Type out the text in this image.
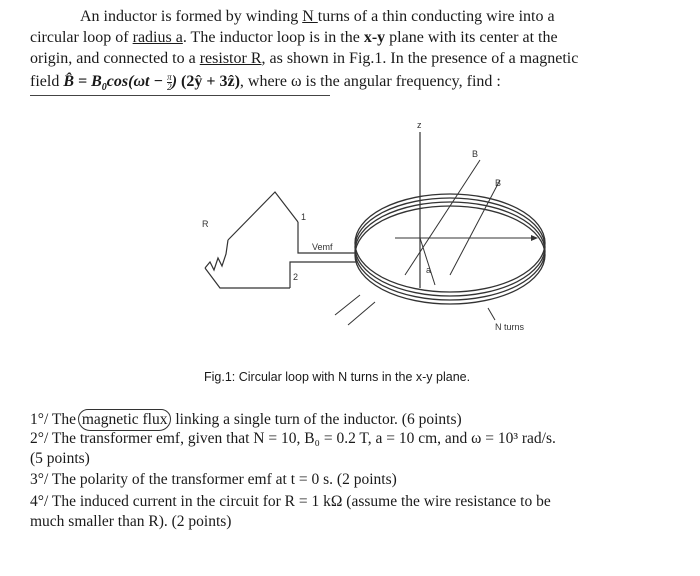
An inductor is formed by winding N turns of a thin conducting wire into a
circular loop of radius a. The inductor loop is in the x-y plane with its center at the
origin, and connected to a resistor R, as shown in Fig.1. In the presence of a magnetic
field B̂ = $B_0\cos(\omega t - \frac{\pi}{2}$ ) (2ŷ + 3ẑ), where ω is the angular frequency, find :
z
B
B
a
R
1
2
Vemf
N turns
Fig.1: Circular loop with N turns in the x-y plane.
1°/ The magnetic flux linking a single turn of the inductor. (6 points)
2°/ The transformer emf, given that N = 10, B₀ = 0.2 T, a = 10 cm, and ω = 10³ rad/s.
(5 points)
3°/ The polarity of the transformer emf at t = 0 s. (2 points)
4°/ The induced current in the circuit for R = 1 kΩ (assume the wire resistance to be
much smaller than R). (2 points)
